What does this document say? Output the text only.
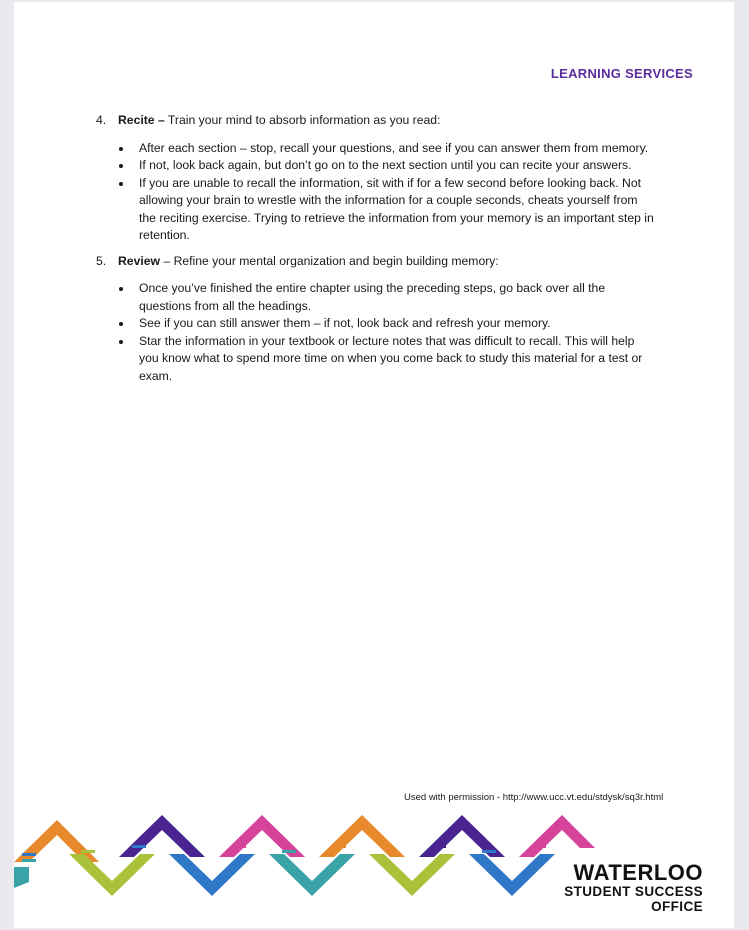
LEARNING SERVICES
4. Recite – Train your mind to absorb information as you read:
After each section – stop, recall your questions, and see if you can answer them from memory.
If not, look back again, but don’t go on to the next section until you can recite your answers.
If you are unable to recall the information, sit with if for a few second before looking back. Not allowing your brain to wrestle with the information for a couple seconds, cheats yourself from the reciting exercise. Trying to retrieve the information from your memory is an important step in retention.
5. Review – Refine your mental organization and begin building memory:
Once you’ve finished the entire chapter using the preceding steps, go back over all the questions from all the headings.
See if you can still answer them – if not, look back and refresh your memory.
Star the information in your textbook or lecture notes that was difficult to recall. This will help you know what to spend more time on when you come back to study this material for a test or exam.
Used with permission - http://www.ucc.vt.edu/stdysk/sq3r.html
WATERLOO
STUDENT SUCCESS
OFFICE
